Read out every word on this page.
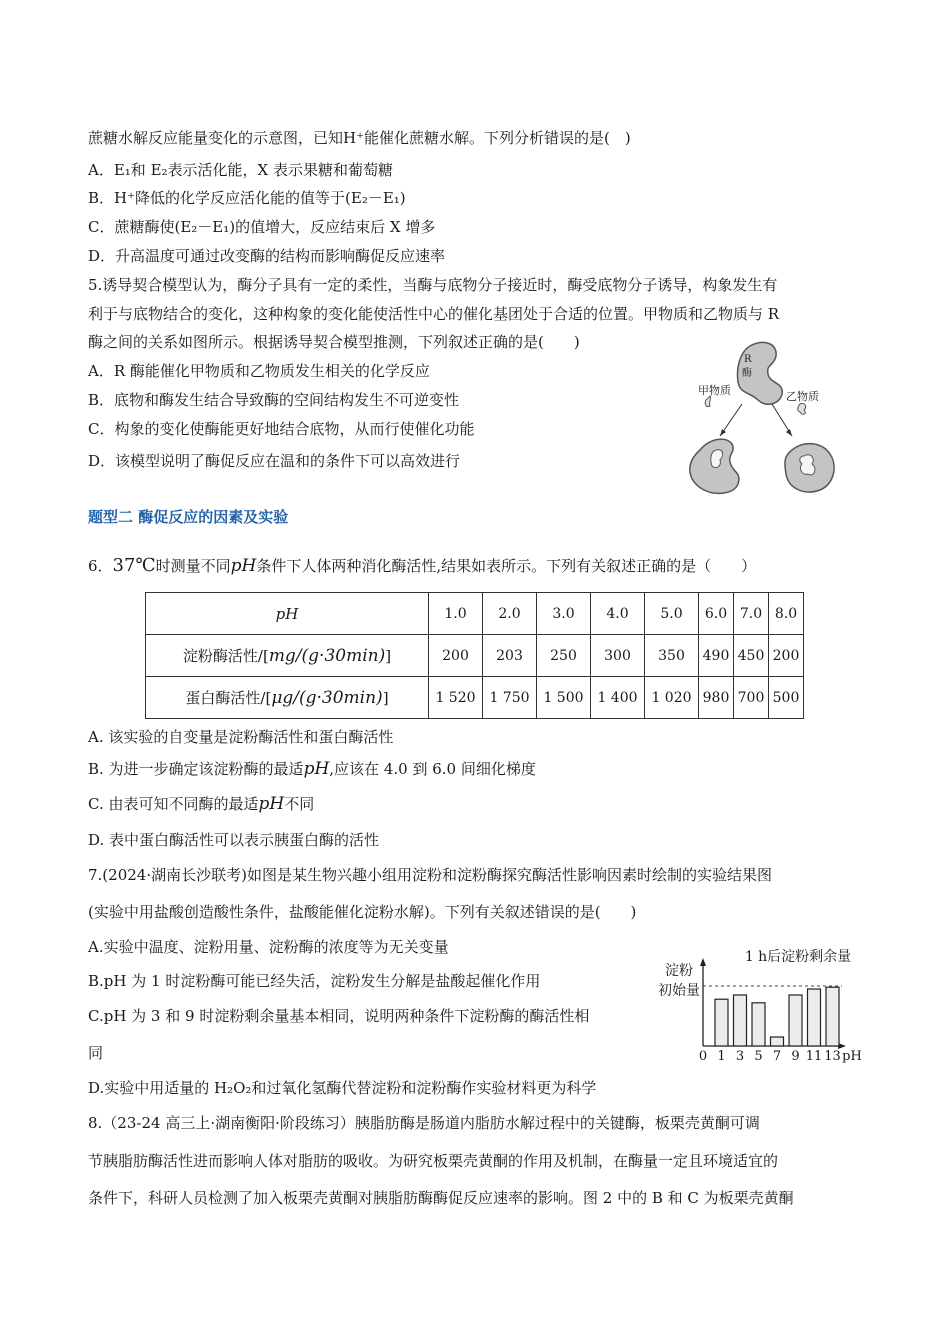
蔗糖水解反应能量变化的示意图，已知H⁺能催化蔗糖水解。下列分析错误的是(　)
A．E₁和 E₂表示活化能，X 表示果糖和葡萄糖
B．H⁺降低的化学反应活化能的值等于(E₂－E₁)
C．蔗糖酶使(E₂－E₁)的值增大，反应结束后 X 增多
D．升高温度可通过改变酶的结构而影响酶促反应速率
5.诱导契合模型认为，酶分子具有一定的柔性，当酶与底物分子接近时，酶受底物分子诱导，构象发生有
利于与底物结合的变化，这种构象的变化能使活性中心的催化基团处于合适的位置。甲物质和乙物质与 R
酶之间的关系如图所示。根据诱导契合模型推测，下列叙述正确的是(　　)
A．R 酶能催化甲物质和乙物质发生相关的化学反应
B．底物和酶发生结合导致酶的空间结构发生不可逆变性
C．构象的变化使酶能更好地结合底物，从而行使催化功能
D．该模型说明了酶促反应在温和的条件下可以高效进行
R
酶
甲物质	乙物质
题型二 酶促反应的因素及实验
6．37℃时测量不同pH条件下人体两种消化酶活性,结果如表所示。下列有关叙述正确的是（　　）
pH	1.0	2.0	3.0	4.0	5.0	6.0	7.0	8.0
淀粉酶活性/[mg/(g·30min)]	200	203	250	300	350	490	450	200
蛋白酶活性/[μg/(g·30min)]	1 520	1 750	1 500	1 400	1 020	980	700	500
A. 该实验的自变量是淀粉酶活性和蛋白酶活性
B. 为进一步确定该淀粉酶的最适pH,应该在 4.0 到 6.0 间细化梯度
C. 由表可知不同酶的最适pH不同
D. 表中蛋白酶活性可以表示胰蛋白酶的活性
7.(2024·湖南长沙联考)如图是某生物兴趣小组用淀粉和淀粉酶探究酶活性影响因素时绘制的实验结果图
(实验中用盐酸创造酸性条件，盐酸能催化淀粉水解)。下列有关叙述错误的是(　　)
A.实验中温度、淀粉用量、淀粉酶的浓度等为无关变量
B.pH 为 1 时淀粉酶可能已经失活，淀粉发生分解是盐酸起催化作用
C.pH 为 3 和 9 时淀粉剩余量基本相同，说明两种条件下淀粉酶的酶活性相
同
D.实验中用适量的 H₂O₂和过氧化氢酶代替淀粉和淀粉酶作实验材料更为科学
1 h后淀粉剩余量
淀粉
初始量
0 1 3 5 7 9 11 13 pH
8.（23-24 高三上·湖南衡阳·阶段练习）胰脂肪酶是肠道内脂肪水解过程中的关键酶，板栗壳黄酮可调
节胰脂肪酶活性进而影响人体对脂肪的吸收。为研究板栗壳黄酮的作用及机制，在酶量一定且环境适宜的
条件下，科研人员检测了加入板栗壳黄酮对胰脂肪酶酶促反应速率的影响。图 2 中的 B 和 C 为板栗壳黄酮
